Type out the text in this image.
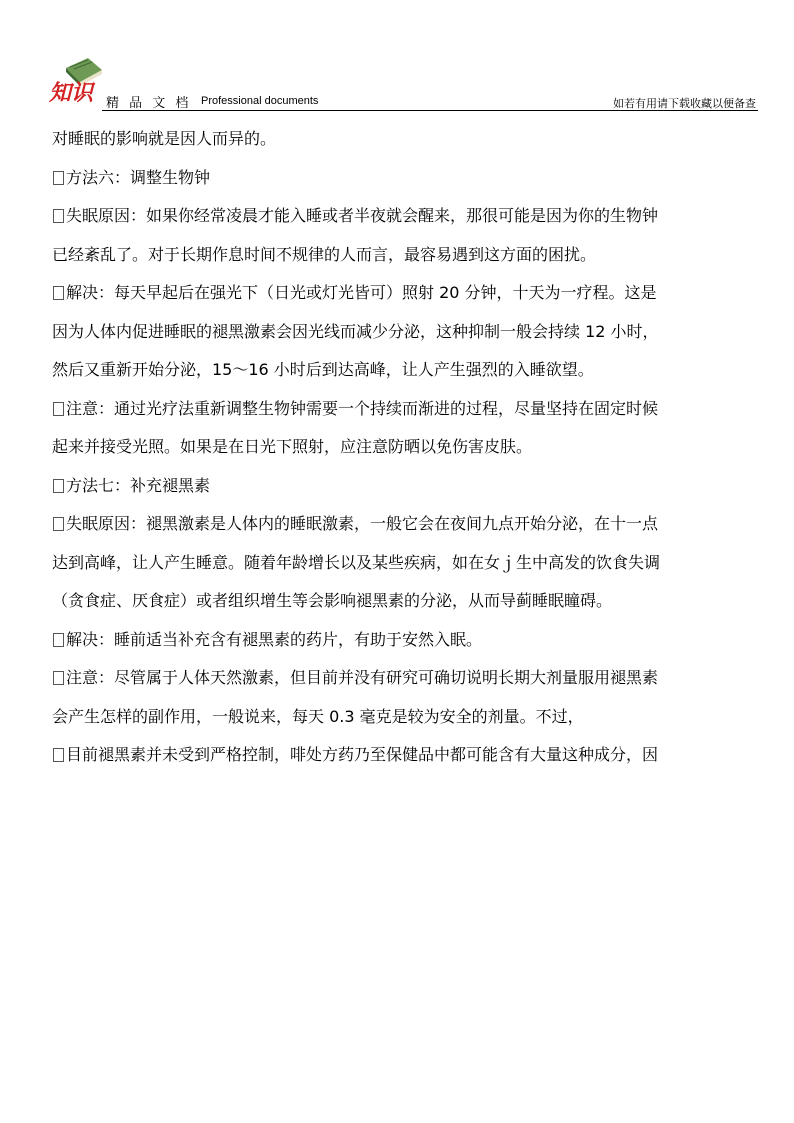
知识 精 品 文 档 Professional documents	如若有用请下载收藏以便备查

对睡眠的影响就是因人而异的。

方法六：调整生物钟

失眠原因：如果你经常凌晨才能入睡或者半夜就会醒来，那很可能是因为你的生物钟

已经紊乱了。对于长期作息时间不规律的人而言，最容易遇到这方面的困扰。

解决：每天早起后在强光下（日光或灯光皆可）照射 20 分钟，十天为一疗程。这是

因为人体内促进睡眠的褪黑激素会因光线而减少分泌，这种抑制一般会持续 12 小时，

然后又重新开始分泌，15～16 小时后到达高峰，让人产生强烈的入睡欲望。

注意：通过光疗法重新调整生物钟需要一个持续而渐进的过程，尽量坚持在固定时候

起来并接受光照。如果是在日光下照射，应注意防晒以免伤害皮肤。

方法七：补充褪黑素

失眠原因：褪黑激素是人体内的睡眠激素，一般它会在夜间九点开始分泌，在十一点

达到高峰，让人产生睡意。随着年龄增长以及某些疾病，如在女ｊ生中高发的饮食失调

（贪食症、厌食症）或者组织增生等会影响褪黑素的分泌，从而导蓟睡眠瞳碍。

解决：睡前适当补充含有褪黑素的药片，有助于安然入眠。

注意：尽管属于人体天然激素，但目前并没有研究可确切说明长期大剂量服用褪黑素

会产生怎样的副作用，一般说来，每天 0.3 毫克是较为安全的剂量。不过，

目前褪黑素并未受到严格控制，啡处方药乃至保健品中都可能含有大量这种成分，因
